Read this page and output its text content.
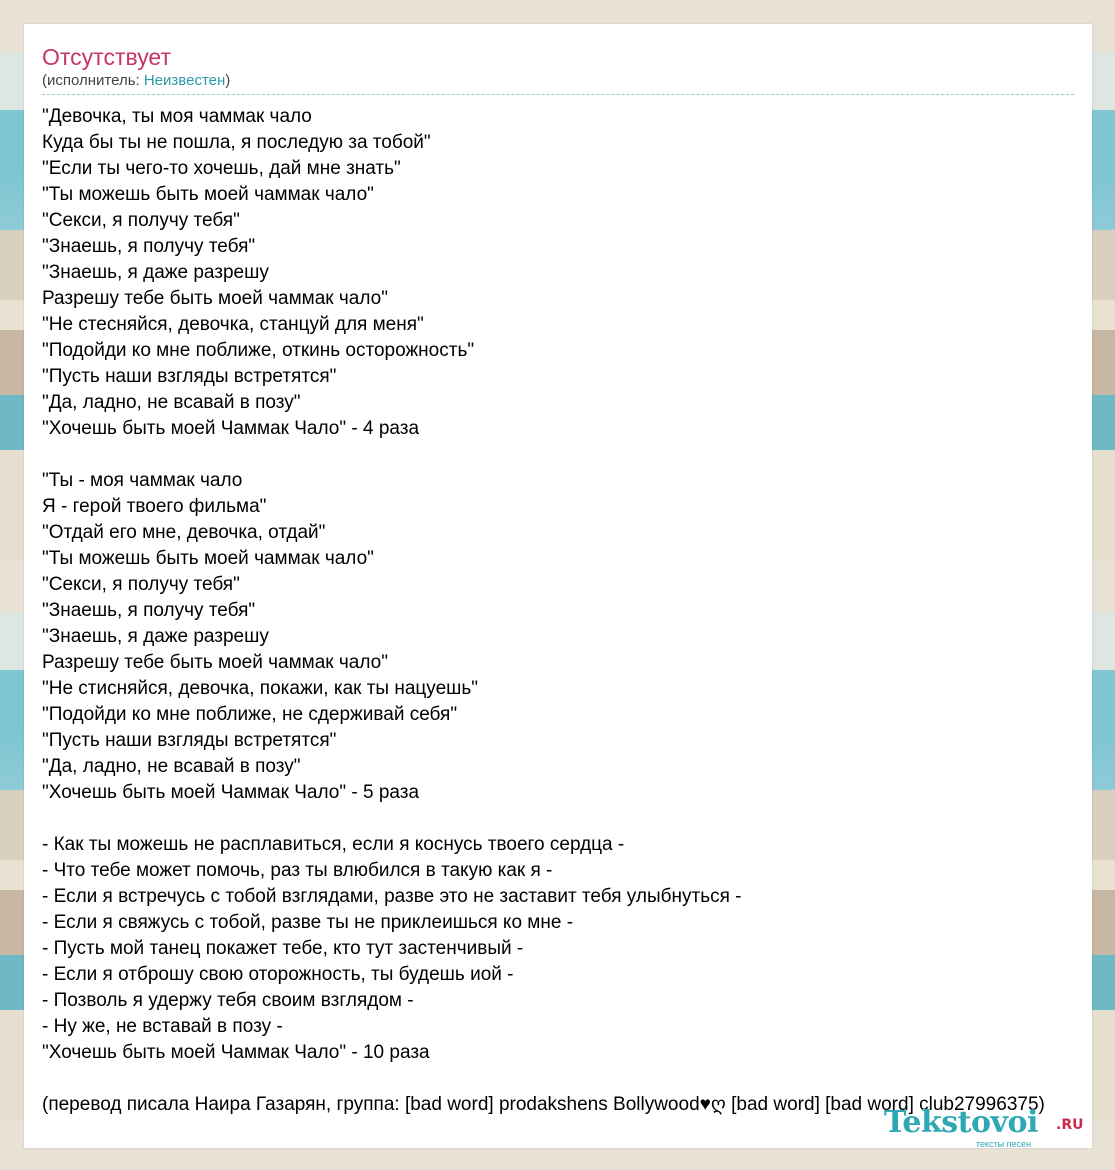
Отсутствует
(исполнитель: Неизвестен)
"Девочка, ты моя чаммак чало
Куда бы ты не пошла, я последую за тобой"
"Если ты чего-то хочешь, дай мне знать"
"Ты можешь быть моей чаммак чало"
"Секси, я получу тебя"
"Знаешь, я получу тебя"
"Знаешь, я даже разрешу
Разрешу тебе быть моей чаммак чало"
"Не стесняйся, девочка, станцуй для меня"
"Подойди ко мне поближе, откинь осторожность"
"Пусть наши взгляды встретятся"
"Да, ладно, не всавай в позу"
"Хочешь быть моей Чаммак Чало" - 4 раза
"Ты - моя чаммак чало
Я - герой твоего фильма"
"Отдай его мне, девочка, отдай"
"Ты можешь быть моей чаммак чало"
"Секси, я получу тебя"
"Знаешь, я получу тебя"
"Знаешь, я даже разрешу
Разрешу тебе быть моей чаммак чало"
"Не стисняйся, девочка, покажи, как ты нацуешь"
"Подойди ко мне поближе, не сдерживай себя"
"Пусть наши взгляды встретятся"
"Да, ладно, не всавай в позу"
"Хочешь быть моей Чаммак Чало" - 5 раза
- Как ты можешь не расплавиться, если я коснусь твоего сердца -
- Что тебе может помочь, раз ты влюбился в такую как я -
- Если я встречусь с тобой взглядами, разве это не заставит тебя улыбнуться -
- Если я свяжусь с тобой, разве ты не приклеишься ко мне -
- Пусть мой танец покажет тебе, кто тут застенчивый -
- Если я отброшу свою оторожность, ты будешь иой -
- Позволь я удержу тебя своим взглядом -
- Ну же, не вставай в позу -
"Хочешь быть моей Чаммак Чало" - 10 раза
(перевод писала Наира Газарян, группа: [bad word] prodakshens Bollywood♥ღ [bad word] [bad word] club27996375)
Tekstovoi .RU
тексты песен
